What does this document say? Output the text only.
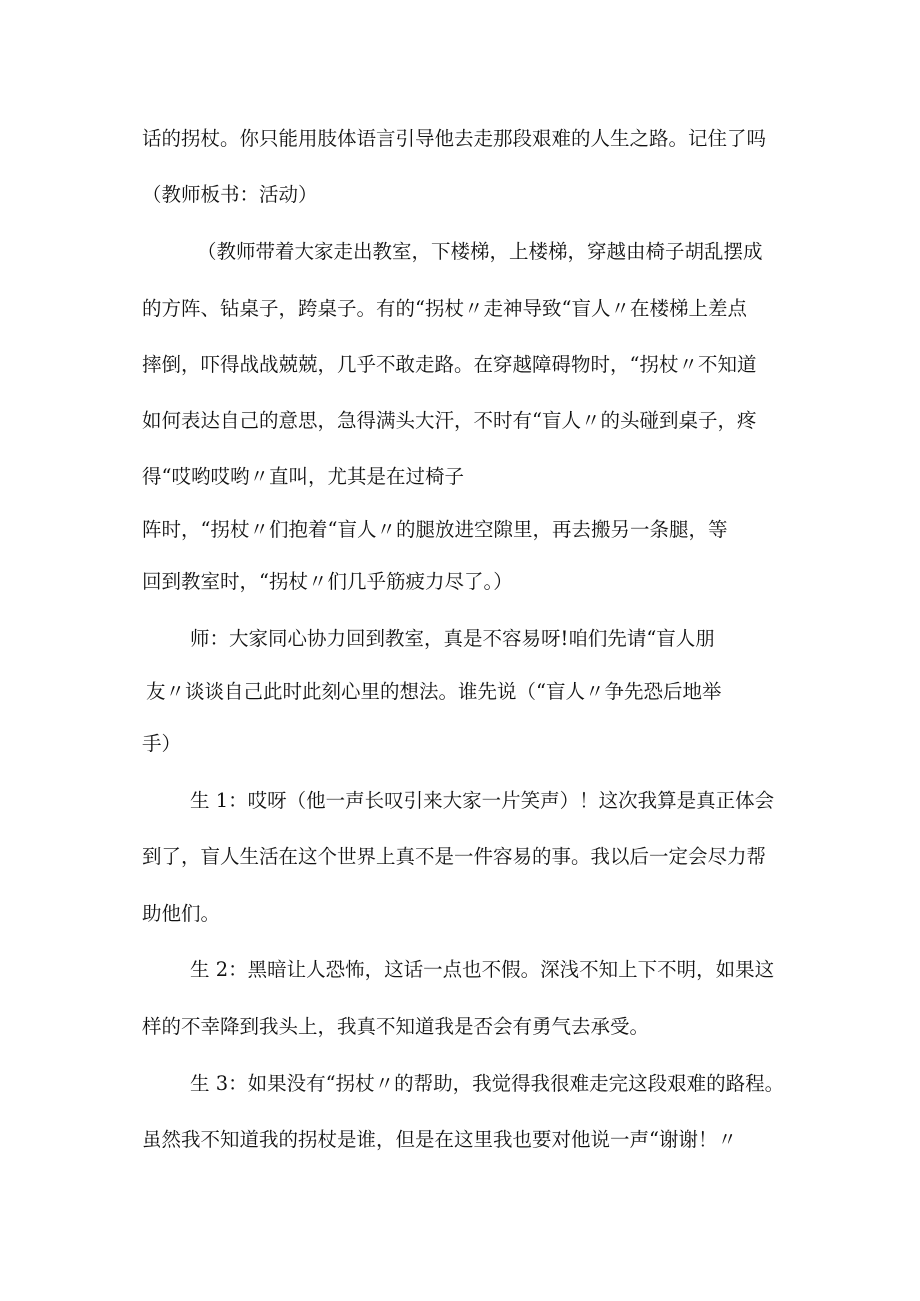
话的拐杖。你只能用肢体语言引导他去走那段艰难的人生之路。记住了吗

（教师板书：活动）

（教师带着大家走出教室，下楼梯，上楼梯，穿越由椅子胡乱摆成

的方阵、钻桌子，跨桌子。有的“拐杖〃走神导致“盲人〃在楼梯上差点

摔倒，吓得战战兢兢，几乎不敢走路。在穿越障碍物时，“拐杖〃不知道

如何表达自己的意思，急得满头大汗，不时有“盲人〃的头碰到桌子，疼

得“哎哟哎哟〃直叫，尤其是在过椅子

阵时，“拐杖〃们抱着“盲人〃的腿放进空隙里，再去搬另一条腿，等

回到教室时，“拐杖〃们几乎筋疲力尽了。）

师：大家同心协力回到教室，真是不容易呀!咱们先请“盲人朋

友〃谈谈自己此时此刻心里的想法。谁先说（“盲人〃争先恐后地举

手）

生 1：哎呀（他一声长叹引来大家一片笑声）！这次我算是真正体会

到了，盲人生活在这个世界上真不是一件容易的事。我以后一定会尽力帮

助他们。

生 2：黑暗让人恐怖，这话一点也不假。深浅不知上下不明，如果这

样的不幸降到我头上，我真不知道我是否会有勇气去承受。

生 3：如果没有“拐杖〃的帮助，我觉得我很难走完这段艰难的路程。

虽然我不知道我的拐杖是谁，但是在这里我也要对他说一声“谢谢！〃
